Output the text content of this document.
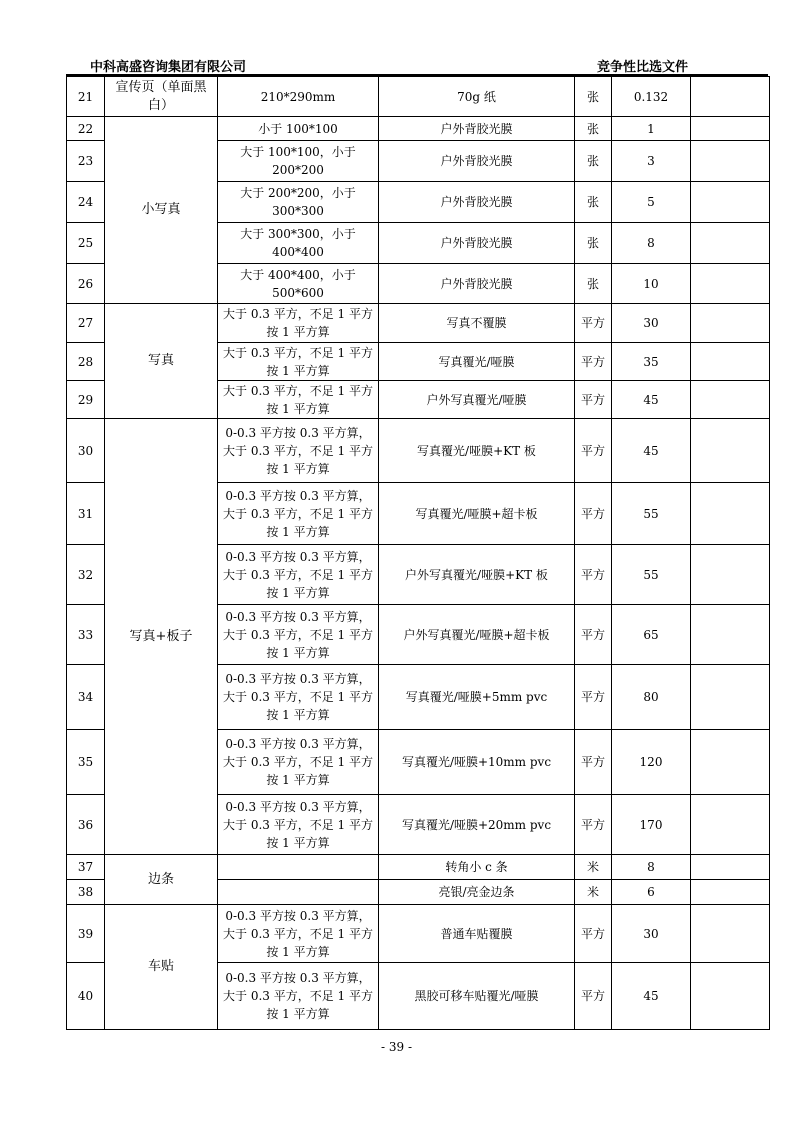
中科高盛咨询集团有限公司	竞争性比选文件
21	宣传页（单面黑白）	210*290mm	70g 纸	张	0.132	
22	小写真	小于 100*100	户外背胶光膜	张	1	
23		大于 100*100，小于 200*200	户外背胶光膜	张	3	
24		大于 200*200，小于 300*300	户外背胶光膜	张	5	
25		大于 300*300，小于 400*400	户外背胶光膜	张	8	
26		大于 400*400，小于 500*600	户外背胶光膜	张	10	
27	写真	大于 0.3 平方，不足 1 平方按 1 平方算	写真不覆膜	平方	30	
28		大于 0.3 平方，不足 1 平方按 1 平方算	写真覆光/哑膜	平方	35	
29		大于 0.3 平方，不足 1 平方按 1 平方算	户外写真覆光/哑膜	平方	45	
30	写真+板子	0-0.3 平方按 0.3 平方算，大于 0.3 平方，不足 1 平方按 1 平方算	写真覆光/哑膜+KT 板	平方	45	
31		0-0.3 平方按 0.3 平方算，大于 0.3 平方，不足 1 平方按 1 平方算	写真覆光/哑膜+超卡板	平方	55	
32		0-0.3 平方按 0.3 平方算，大于 0.3 平方，不足 1 平方按 1 平方算	户外写真覆光/哑膜+KT 板	平方	55	
33		0-0.3 平方按 0.3 平方算，大于 0.3 平方，不足 1 平方按 1 平方算	户外写真覆光/哑膜+超卡板	平方	65	
34		0-0.3 平方按 0.3 平方算，大于 0.3 平方，不足 1 平方按 1 平方算	写真覆光/哑膜+5mm pvc	平方	80	
35		0-0.3 平方按 0.3 平方算，大于 0.3 平方，不足 1 平方按 1 平方算	写真覆光/哑膜+10mm pvc	平方	120	
36		0-0.3 平方按 0.3 平方算，大于 0.3 平方，不足 1 平方按 1 平方算	写真覆光/哑膜+20mm pvc	平方	170	
37	边条		转角小 c 条	米	8	
38			亮银/亮金边条	米	6	
39	车贴	0-0.3 平方按 0.3 平方算，大于 0.3 平方，不足 1 平方按 1 平方算	普通车贴覆膜	平方	30	
40		0-0.3 平方按 0.3 平方算，大于 0.3 平方，不足 1 平方按 1 平方算	黑胶可移车贴覆光/哑膜	平方	45	
- 39 -
